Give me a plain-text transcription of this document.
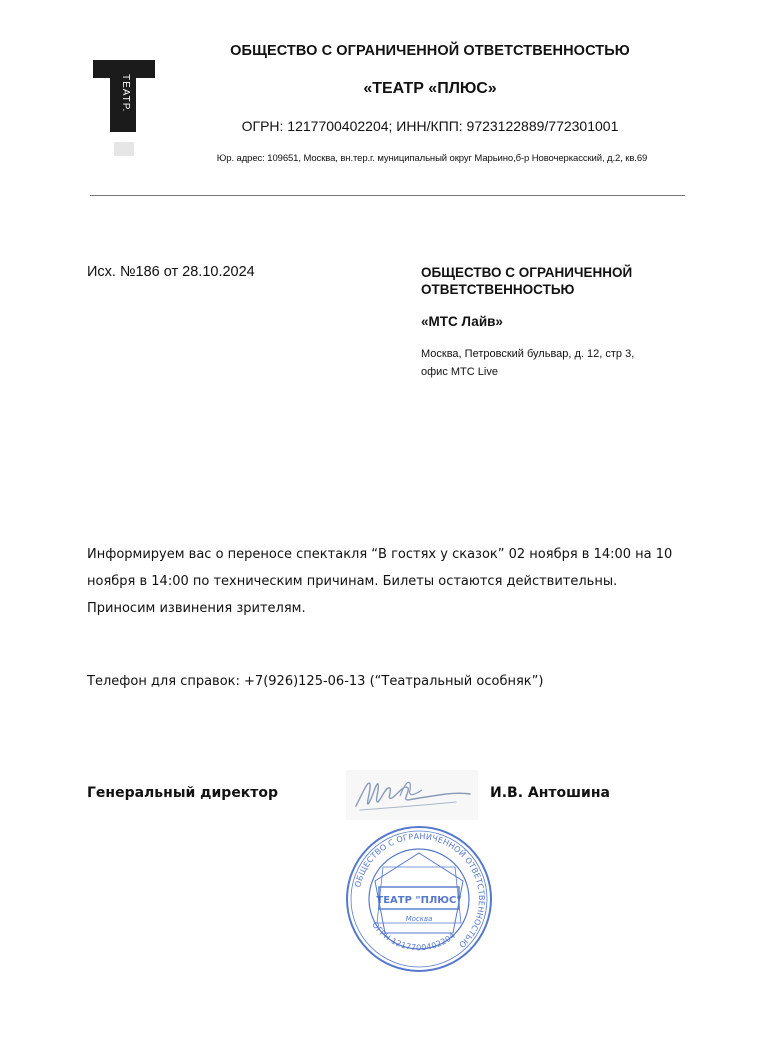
ТЕАТР.
ОБЩЕСТВО С ОГРАНИЧЕННОЙ ОТВЕТСТВЕННОСТЬЮ
«ТЕАТР «ПЛЮС»
ОГРН: 1217700402204; ИНН/КПП: 9723122889/772301001
Юр. адрес: 109651, Москва, вн.тер.г. муниципальный округ Марьино,б-р Новочеркасский, д.2, кв.69
Исх. №186 от 28.10.2024	ОБЩЕСТВО С ОГРАНИЧЕННОЙ
ОТВЕТСТВЕННОСТЬЮ
«МТС Лайв»
Москва, Петровский бульвар, д. 12, стр 3,
офис МТС Live
Информируем вас о переносе спектакля “В гостях у сказок” 02 ноября в 14:00 на 10
ноября в 14:00 по техническим причинам. Билеты остаются действительны.
Приносим извинения зрителям.
Телефон для справок: +7(926)125-06-13 (“Театральный особняк”)
Генеральный директор	И.В. Антошина
ОБЩЕСТВО С ОГРАНИЧЕННОЙ ОТВЕТСТВЕННОСТЬЮ
ОГРН 1217700402204
ТЕАТР "ПЛЮС"
Москва
